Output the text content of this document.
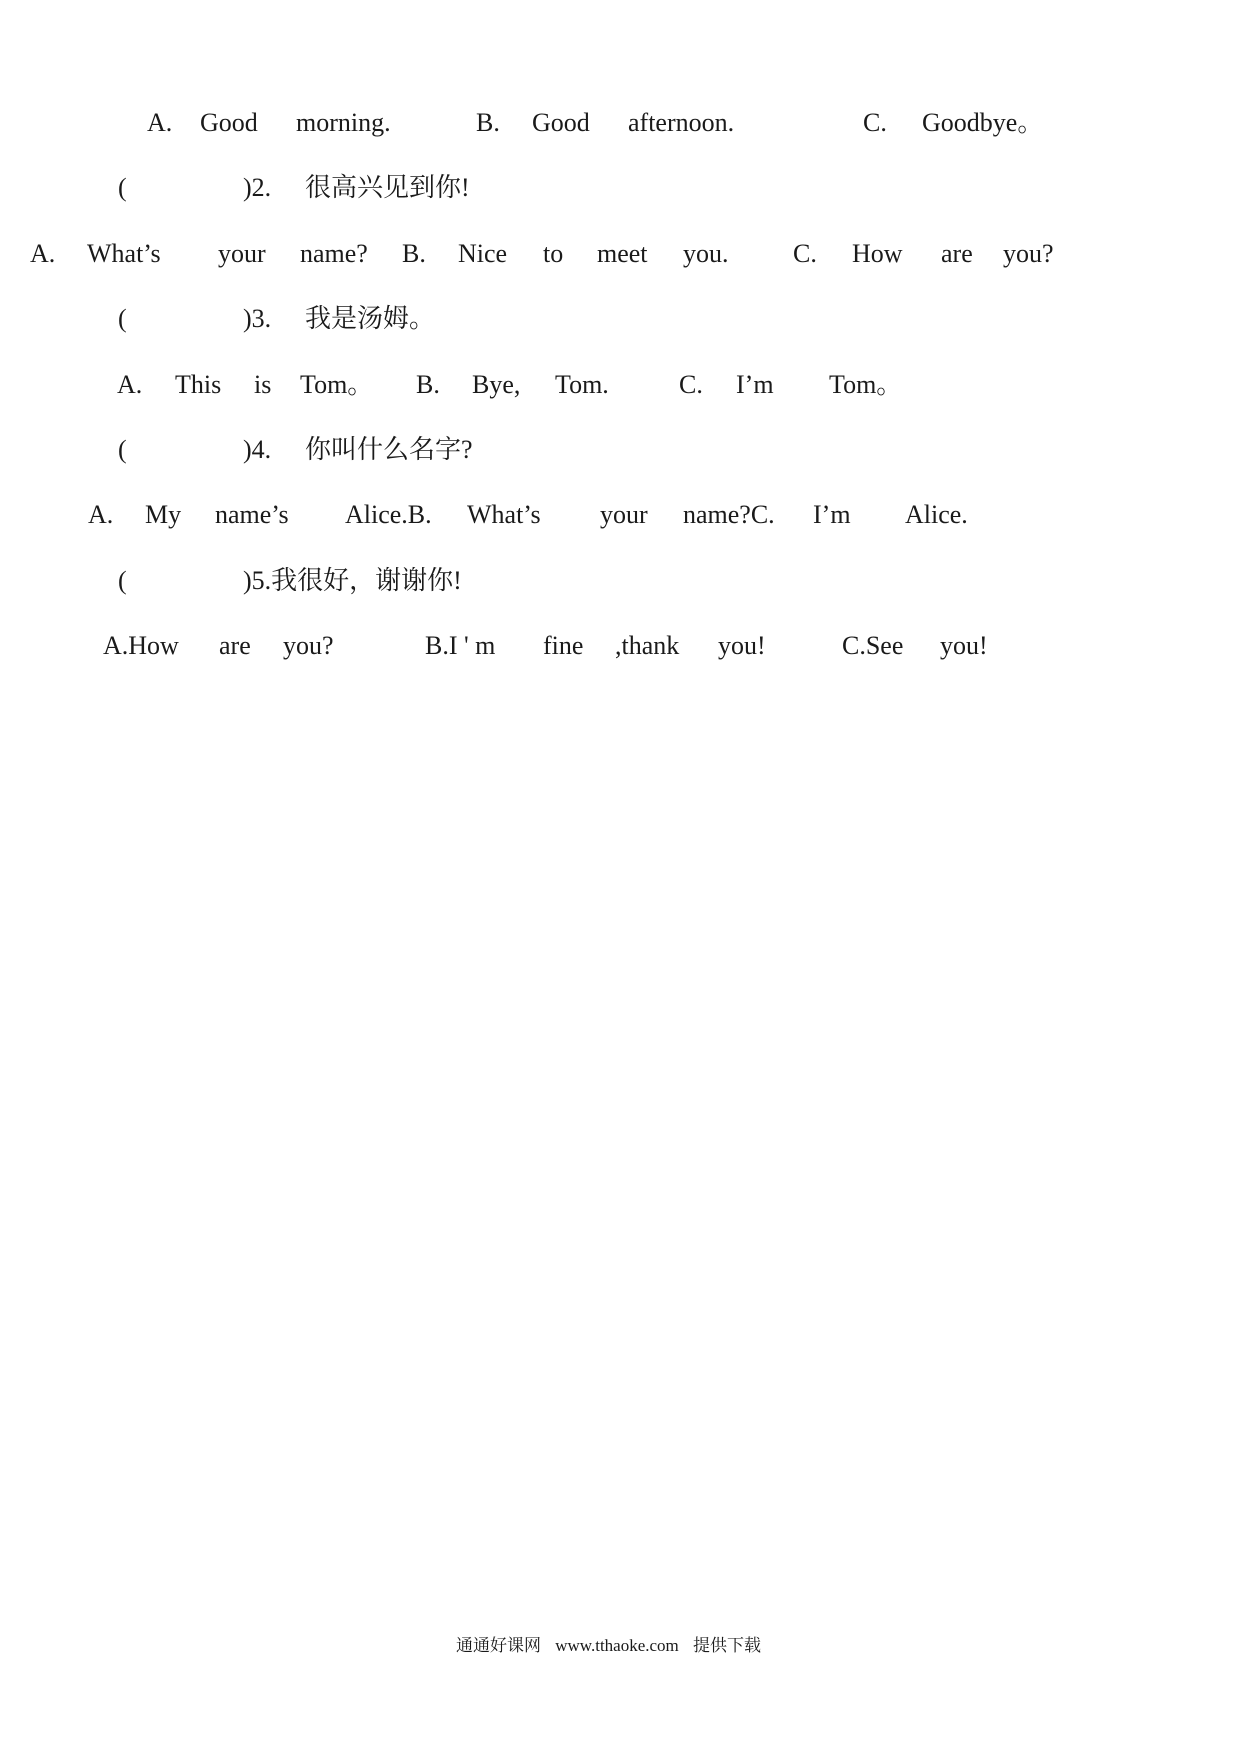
A. Good morning.	B. Good afternoon.	C. Goodbye。
(	)2. 很高兴见到你!
A. What’s your name? B. Nice to meet you. C. How are you?
(	)3. 我是汤姆。
A. This is Tom。 B. Bye, Tom.	C. I’m Tom。
(	)4. 你叫什么名字?
A. My name’s Alice.B. What’s your name?C. I’m Alice.
(	)5.我很好，谢谢你!
A.How are you?	B.I ' m fine ,thank you!	C.See you!
通通好课网 www.tthaoke.com 提供下载
